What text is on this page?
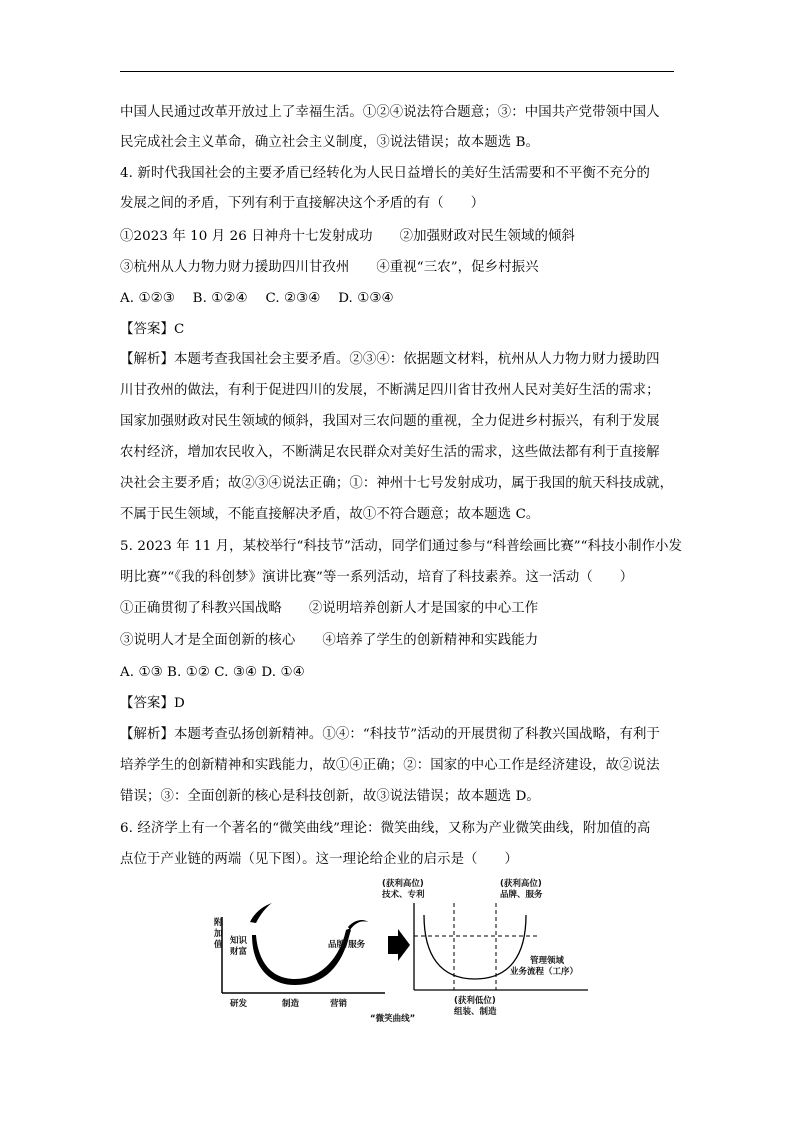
中国人民通过改革开放过上了幸福生活。①②④说法符合题意；③：中国共产党带领中国人
民完成社会主义革命，确立社会主义制度，③说法错误；故本题选 B。
4. 新时代我国社会的主要矛盾已经转化为人民日益增长的美好生活需要和不平衡不充分的
发展之间的矛盾，下列有利于直接解决这个矛盾的有（　　）
①2023 年 10 月 26 日神舟十七发射成功　　②加强财政对民生领域的倾斜
③杭州从人力物力财力援助四川甘孜州　　④重视“三农”，促乡村振兴
A. ①②③　 B. ①②④　 C. ②③④　 D. ①③④
【答案】C
【解析】本题考查我国社会主要矛盾。②③④：依据题文材料，杭州从人力物力财力援助四
川甘孜州的做法，有利于促进四川的发展，不断满足四川省甘孜州人民对美好生活的需求；
国家加强财政对民生领域的倾斜，我国对三农问题的重视，全力促进乡村振兴，有利于发展
农村经济，增加农民收入，不断满足农民群众对美好生活的需求，这些做法都有利于直接解
决社会主要矛盾；故②③④说法正确；①：神州十七号发射成功，属于我国的航天科技成就，
不属于民生领域，不能直接解决矛盾，故①不符合题意；故本题选 C。
5. 2023 年 11 月，某校举行“科技节”活动，同学们通过参与“科普绘画比赛”“科技小制作小发
明比赛”“《我的科创梦》演讲比赛”等一系列活动，培育了科技素养。这一活动（　　）
①正确贯彻了科教兴国战略　　②说明培养创新人才是国家的中心工作
③说明人才是全面创新的核心　　④培养了学生的创新精神和实践能力
A. ①③ B. ①② C. ③④ D. ①④
【答案】D
【解析】本题考查弘扬创新精神。①④：“科技节”活动的开展贯彻了科教兴国战略，有利于
培养学生的创新精神和实践能力，故①④正确；②：国家的中心工作是经济建设，故②说法
错误；③：全面创新的核心是科技创新，故③说法错误；故本题选 D。
6. 经济学上有一个著名的“微笑曲线”理论：微笑曲线，又称为产业微笑曲线，附加值的高
点位于产业链的两端（见下图）。这一理论给企业的启示是（　　）
附
加
值 知识
财富
品牌/服务
研发	制造	营销
“微笑曲线”
(获利高位)
技术、专利
(获利高位)
品牌、服务
管理领域
业务流程（工序）
(获利低位)
组装、制造
